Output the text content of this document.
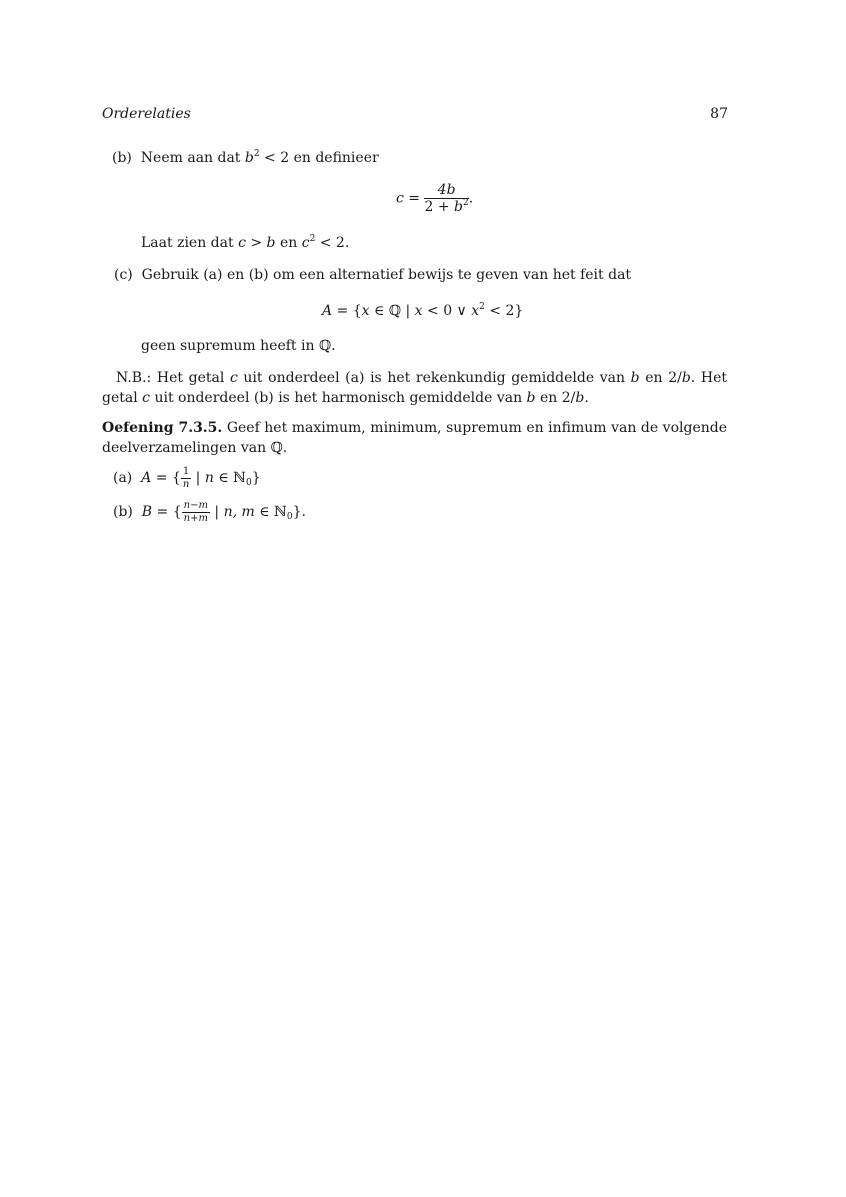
Orderelaties	87
(b) Neem aan dat $b^2 < 2$ en definieer
$c = \frac{4b}{2 + b^2}$ .
Laat zien dat c > b en $c^2 < 2$.
(c) Gebruik (a) en (b) om een alternatief bewijs te geven van het feit dat
A = {x ∈ ℚ | x < 0 ∨ $x^2 < 2$}
geen supremum heeft in ℚ.
N.B.: Het getal c uit onderdeel (a) is het rekenkundig gemiddelde van b en 2/b. Het getal c uit onderdeel (b) is het harmonisch gemiddelde van b en 2/b.
Oefening 7.3.5. Geef het maximum, minimum, supremum en infimum van de volgende deelverzamelingen van ℚ.
(a) A = { $\frac{1}{n}$ | n ∈ ℕ$_0$}
(b) B = { $\frac{n-m}{n+m}$ | n, m ∈ ℕ$_0$}.
